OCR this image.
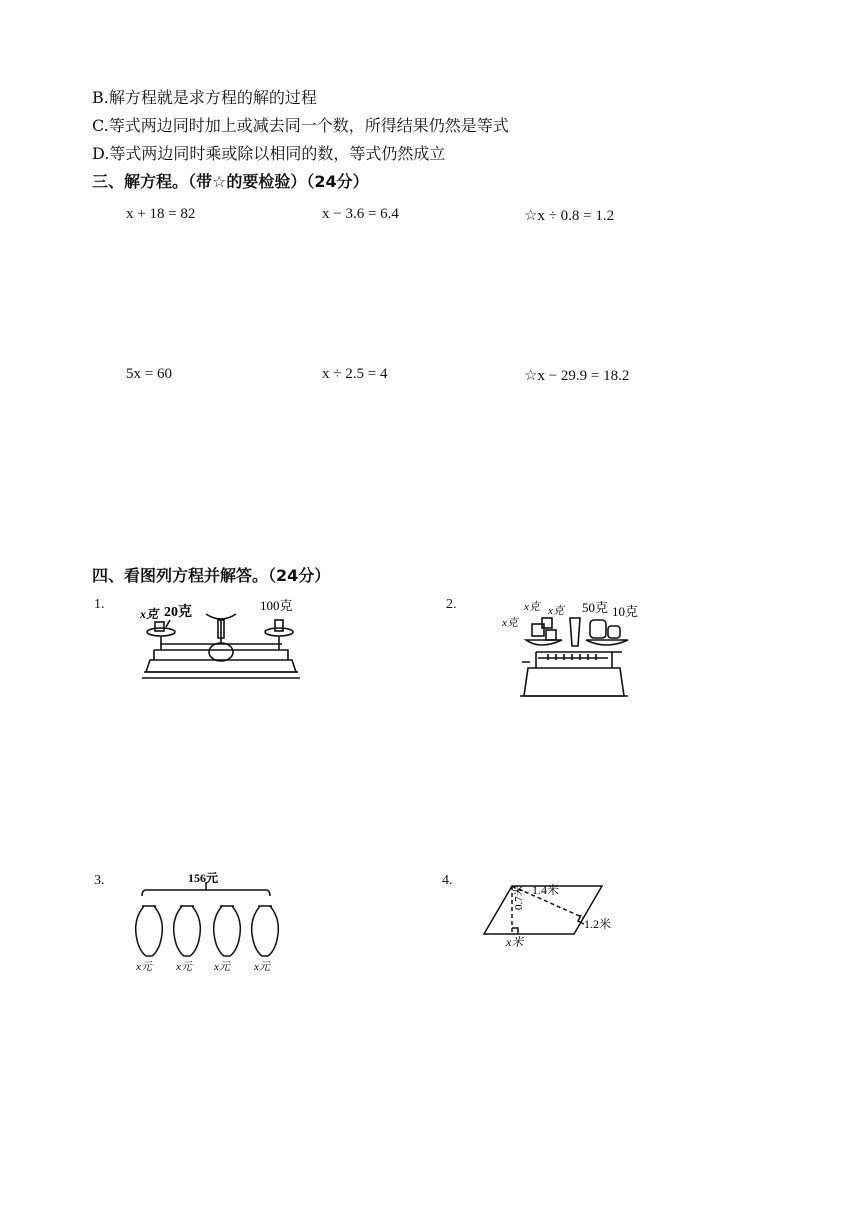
B.解方程就是求方程的解的过程
C.等式两边同时加上或减去同一个数，所得结果仍然是等式
D.等式两边同时乘或除以相同的数，等式仍然成立
三、解方程。（带☆的要检验）（24分）
x + 18 = 82	x − 3.6 = 6.4	☆x ÷ 0.8 = 1.2
5x = 60	x ÷ 2.5 = 4	☆x − 29.9 = 18.2
四、看图列方程并解答。（24分）
1.	2.
3.	4.
x克 20克	100克	x克 x克
x克
50克 10克
156元
x元 x元 x元 x元
1.4米
0.7米
1.2米
x米
